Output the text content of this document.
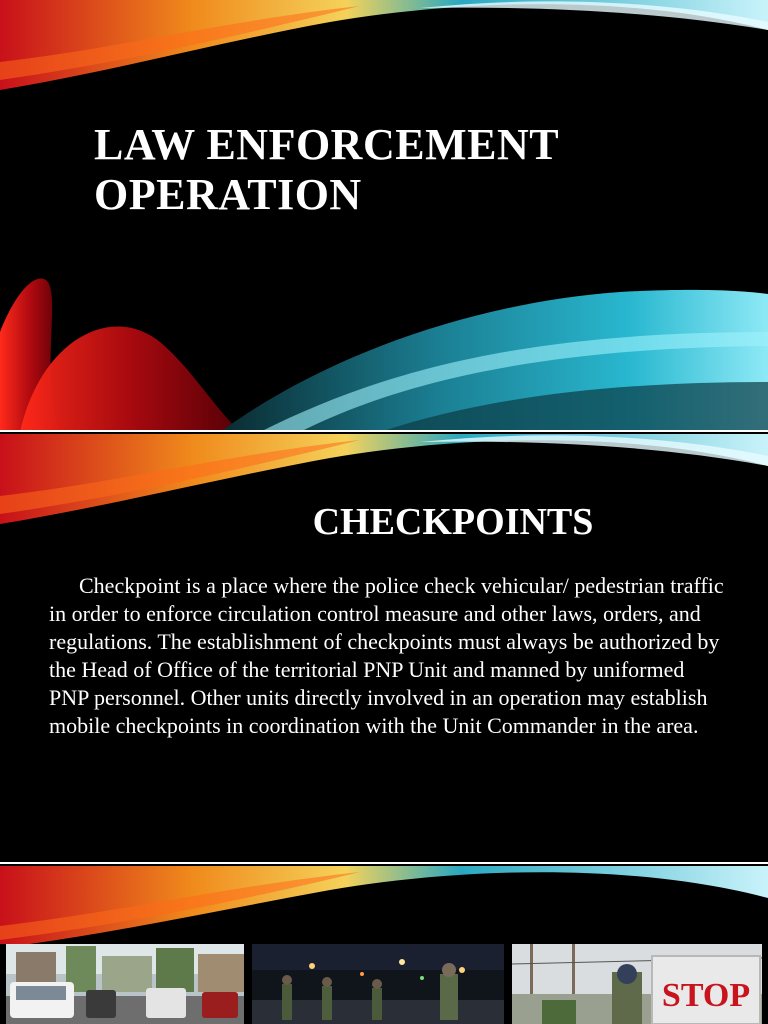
LAW ENFORCEMENT
OPERATION
CHECKPOINTS

Checkpoint is a place where the police check vehicular/ pedestrian traffic in order to enforce circulation control measure and other laws, orders, and regulations. The establishment of checkpoints must always be authorized by the Head of Office of the territorial PNP Unit and manned by uniformed PNP personnel. Other units directly involved in an operation may establish mobile checkpoints in coordination with the Unit Commander in the area.

STOP
